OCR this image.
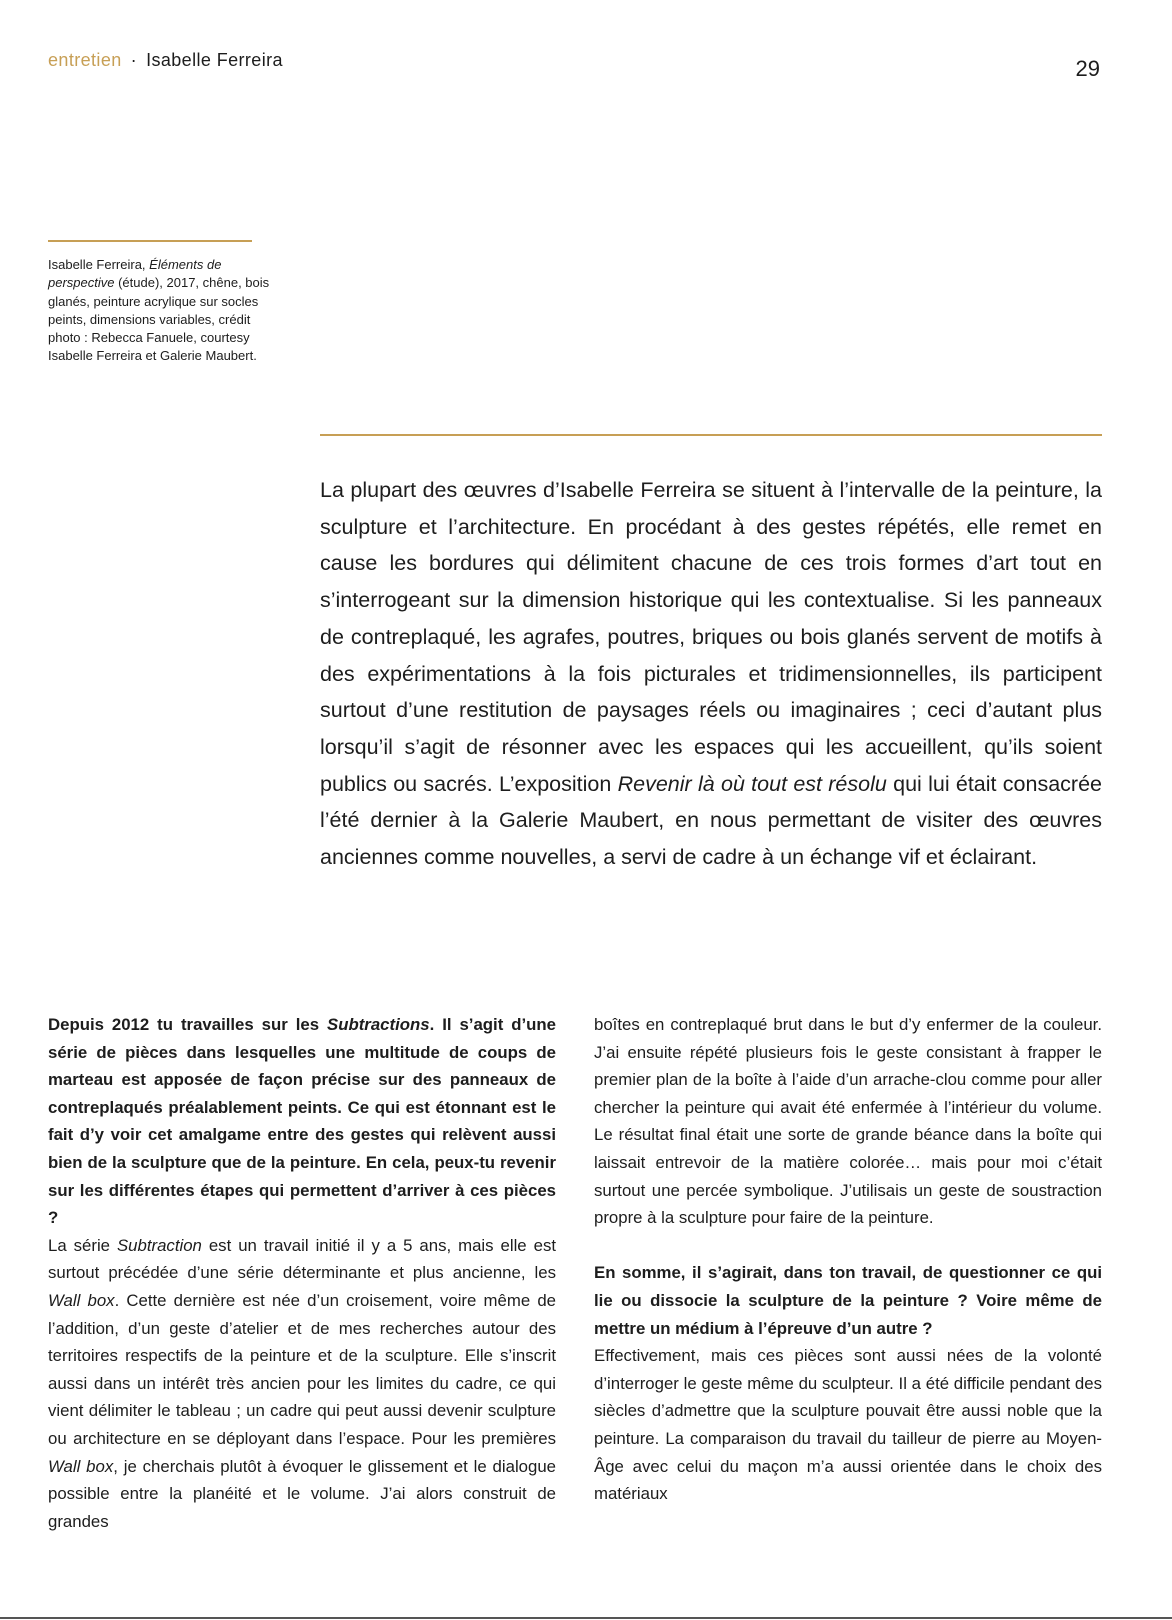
entretien · Isabelle Ferreira	29
Isabelle Ferreira, Éléments de perspective (étude), 2017, chêne, bois glanés, peinture acrylique sur socles peints, dimensions variables, crédit photo : Rebecca Fanuele, courtesy Isabelle Ferreira et Galerie Maubert.

La plupart des œuvres d’Isabelle Ferreira se situent à l’intervalle de la peinture, la sculpture et l’architecture. En procédant à des gestes répétés, elle remet en cause les bordures qui délimitent chacune de ces trois formes d’art tout en s’interrogeant sur la dimension historique qui les contextualise. Si les panneaux de contreplaqué, les agrafes, poutres, briques ou bois glanés servent de motifs à des expérimentations à la fois picturales et tridimensionnelles, ils participent surtout d’une restitution de paysages réels ou imaginaires ; ceci d’autant plus lorsqu’il s’agit de résonner avec les espaces qui les accueillent, qu’ils soient publics ou sacrés. L’exposition Revenir là où tout est résolu qui lui était consacrée l’été dernier à la Galerie Maubert, en nous permettant de visiter des œuvres anciennes comme nouvelles, a servi de cadre à un échange vif et éclairant.

Depuis 2012 tu travailles sur les Subtractions. Il s’agit d’une série de pièces dans lesquelles une multitude de coups de marteau est apposée de façon précise sur des panneaux de contreplaqués préalablement peints. Ce qui est étonnant est le fait d’y voir cet amalgame entre des gestes qui relèvent aussi bien de la sculpture que de la peinture. En cela, peux-tu revenir sur les différentes étapes qui permettent d’arriver à ces pièces ?

La série Subtraction est un travail initié il y a 5 ans, mais elle est surtout précédée d’une série déterminante et plus ancienne, les Wall box. Cette dernière est née d’un croisement, voire même de l’addition, d’un geste d’atelier et de mes recherches autour des territoires respectifs de la peinture et de la sculpture. Elle s’inscrit aussi dans un intérêt très ancien pour les limites du cadre, ce qui vient délimiter le tableau ; un cadre qui peut aussi devenir sculpture ou architecture en se déployant dans l’espace. Pour les premières Wall box, je cherchais plutôt à évoquer le glissement et le dialogue possible entre la planéité et le volume. J’ai alors construit de grandes

boîtes en contreplaqué brut dans le but d’y enfermer de la couleur. J’ai ensuite répété plusieurs fois le geste consistant à frapper le premier plan de la boîte à l’aide d’un arrache-clou comme pour aller chercher la peinture qui avait été enfermée à l’intérieur du volume. Le résultat final était une sorte de grande béance dans la boîte qui laissait entrevoir de la matière colorée… mais pour moi c’était surtout une percée symbolique. J’utilisais un geste de soustraction propre à la sculpture pour faire de la peinture.

En somme, il s’agirait, dans ton travail, de questionner ce qui lie ou dissocie la sculpture de la peinture ? Voire même de mettre un médium à l’épreuve d’un autre ?

Effectivement, mais ces pièces sont aussi nées de la volonté d’interroger le geste même du sculpteur. Il a été difficile pendant des siècles d’admettre que la sculpture pouvait être aussi noble que la peinture. La comparaison du travail du tailleur de pierre au Moyen-Âge avec celui du maçon m’a aussi orientée dans le choix des matériaux
